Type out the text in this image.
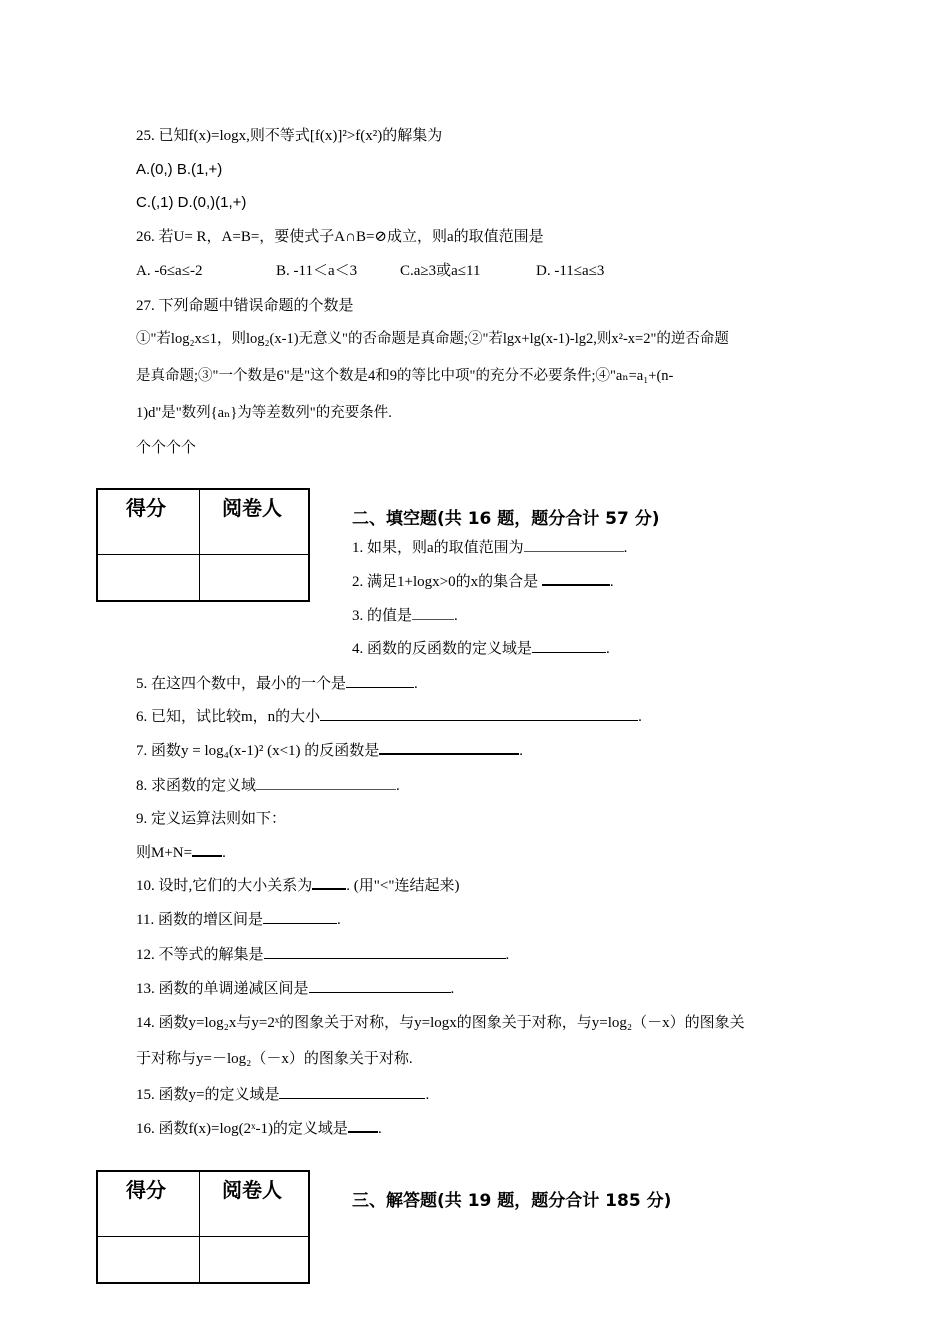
25. 已知f(x)=logx,则不等式[f(x)]²>f(x²)的解集为
A.(0,) B.(1,+)
C.(,1) D.(0,)(1,+)
26. 若U= R，A=B=，要使式子A∩B=⊘成立，则a的取值范围是
A. -6≤a≤-2	B. -11＜a＜3	C.a≥3或a≤11	D. -11≤a≤3
27. 下列命题中错误命题的个数是
①"若log₂x≤1，则log₂(x-1)无意义"的否命题是真命题;②"若lgx+lg(x-1)-lg2,则x²-x=2"的逆否命题
是真命题;③"一个数是6"是"这个数是4和9的等比中项"的充分不必要条件;④"aₙ=a₁+(n-
1)d"是"数列{aₙ}为等差数列"的充要条件.
个个个个
得分	阅卷人	二、填空题(共 16 题，题分合计 57 分)
1. 如果，则a的取值范围为	.
2. 满足1+logx>0的x的集合是	.
3. 的值是	.
4. 函数的反函数的定义域是	.
5. 在这四个数中，最小的一个是	.
6. 已知，试比较m，n的大小	.
7. 函数y = log₄(x-1)² (x<1) 的反函数是	.
8. 求函数的定义域	.
9. 定义运算法则如下：
则M+N= .
10. 设时,它们的大小关系为 . (用"<"连结起来)
11. 函数的增区间是	.
12. 不等式的解集是	.
13. 函数的单调递减区间是	.
14. 函数y=log₂x与y=2ˣ的图象关于对称，与y=logx的图象关于对称，与y=log₂（－x）的图象关
于对称与y=－log₂（－x）的图象关于对称.
15. 函数y=的定义域是	.
16. 函数f(x)=log(2ˣ-1)的定义域是 .
得分	阅卷人	三、解答题(共 19 题，题分合计 185 分)
